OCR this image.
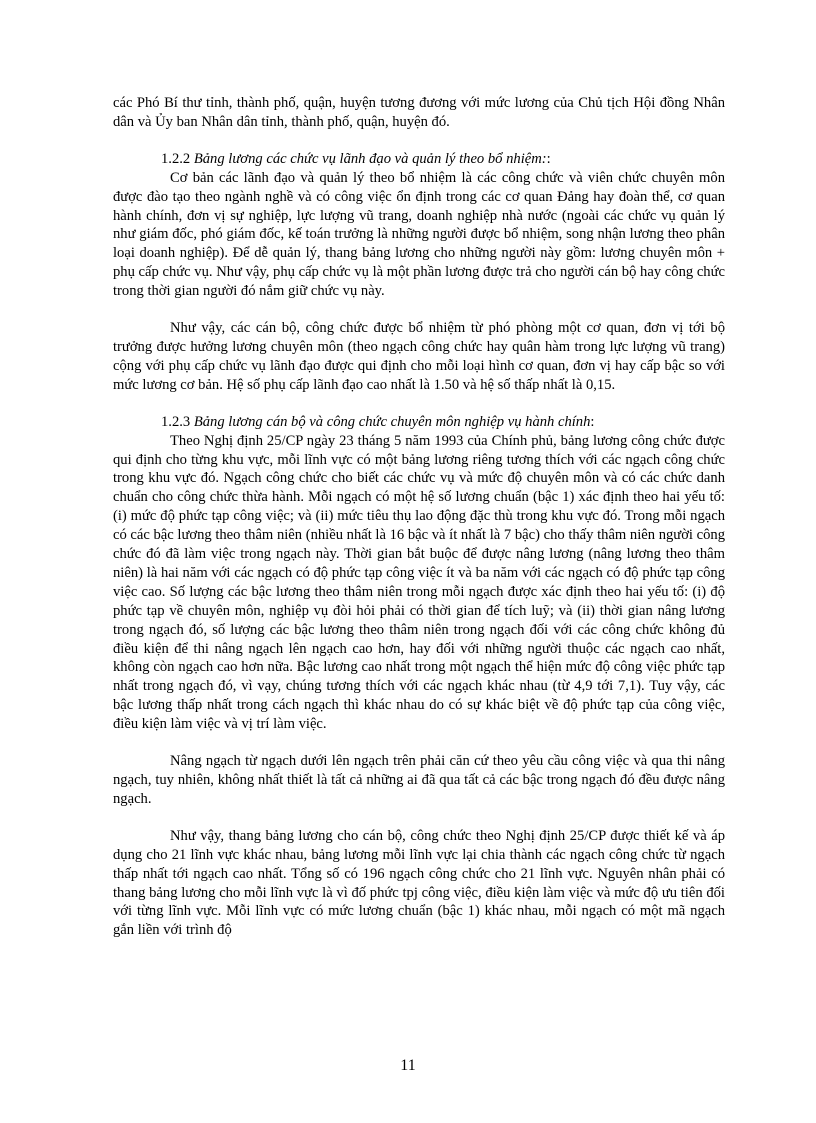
các Phó Bí thư tỉnh, thành phố, quận, huyện tương đương với mức lương của Chủ tịch Hội đồng Nhân dân và Ủy ban Nhân dân tỉnh, thành phố, quận, huyện đó.

1.2.2 Bảng lương các chức vụ lãnh đạo và quản lý theo bổ nhiệm::

Cơ bản các lãnh đạo và quản lý theo bổ nhiệm là các công chức và viên chức chuyên môn được đào tạo theo ngành nghề và có công việc ổn định trong các cơ quan Đảng hay đoàn thể, cơ quan hành chính, đơn vị sự nghiệp, lực lượng vũ trang, doanh nghiệp nhà nước (ngoài các chức vụ quản lý như giám đốc, phó giám đốc, kế toán trưởng là những người được bổ nhiệm, song nhận lương theo phân loại doanh nghiệp). Để dễ quản lý, thang bảng lương cho những người này gồm: lương chuyên môn + phụ cấp chức vụ. Như vậy, phụ cấp chức vụ là một phần lương được trả cho người cán bộ hay công chức trong thời gian người đó nắm giữ chức vụ này.

Như vậy, các cán bộ, công chức được bổ nhiệm từ phó phòng một cơ quan, đơn vị tới bộ trưởng được hưởng lương chuyên môn (theo ngạch công chức hay quân hàm trong lực lượng vũ trang) cộng với phụ cấp chức vụ lãnh đạo được qui định cho mỗi loại hình cơ quan, đơn vị hay cấp bậc so với mức lương cơ bản. Hệ số phụ cấp lãnh đạo cao nhất là 1.50 và hệ số thấp nhất là 0,15.

1.2.3 Bảng lương cán bộ và công chức chuyên môn nghiệp vụ hành chính:

Theo Nghị định 25/CP ngày 23 tháng 5 năm 1993 của Chính phủ, bảng lương công chức được qui định cho từng khu vực, mỗi lĩnh vực có một bảng lương riêng tương thích với các ngạch công chức trong khu vực đó. Ngạch công chức cho biết các chức vụ và mức độ chuyên môn và có các chức danh chuẩn cho công chức thừa hành. Mỗi ngạch có một hệ số lương chuẩn (bậc 1) xác định theo hai yếu tố: (i) mức độ phức tạp công việc; và (ii) mức tiêu thụ lao động đặc thù trong khu vực đó. Trong mỗi ngạch có các bậc lương theo thâm niên (nhiều nhất là 16 bậc và ít nhất là 7 bậc) cho thấy thâm niên người công chức đó đã làm việc trong ngạch này. Thời gian bắt buộc để được nâng lương (nâng lương theo thâm niên) là hai năm với các ngạch có độ phức tạp công việc ít và ba năm với các ngạch có độ phức tạp công việc cao. Số lượng các bậc lương theo thâm niên trong mỗi ngạch được xác định theo hai yếu tố: (i) độ phức tạp về chuyên môn, nghiệp vụ đòi hỏi phải có thời gian để tích luỹ; và (ii) thời gian nâng lương trong ngạch đó, số lượng các bậc lương theo thâm niên trong ngạch đối với các công chức không đủ điều kiện để thi nâng ngạch lên ngạch cao hơn, hay đối với những người thuộc các ngạch cao nhất, không còn ngạch cao hơn nữa. Bậc lương cao nhất trong một ngạch thể hiện mức độ công việc phức tạp nhất trong ngạch đó, vì vạy, chúng tương thích với các ngạch khác nhau (từ 4,9 tới 7,1). Tuy vậy, các bậc lương thấp nhất trong cách ngạch thì khác nhau do có sự khác biệt về độ phức tạp của công việc, điều kiện làm việc và vị trí làm việc.

Nâng ngạch từ ngạch dưới lên ngạch trên phải căn cứ theo yêu cầu công việc và qua thi nâng ngạch, tuy nhiên, không nhất thiết là tất cả những ai đã qua tất cả các bậc trong ngạch đó đều được nâng ngạch.

Như vậy, thang bảng lương cho cán bộ, công chức theo Nghị định 25/CP được thiết kế và áp dụng cho 21 lĩnh vực khác nhau, bảng lương mỗi lĩnh vực lại chia thành các ngạch công chức từ ngạch thấp nhất tới ngạch cao nhất. Tổng số có 196 ngạch công chức cho 21 lĩnh vực. Nguyên nhân phải có thang bảng lương cho mỗi lĩnh vực là vì đố phức tpj công việc, điều kiện làm việc và mức độ ưu tiên đối với từng lĩnh vực. Mỗi lĩnh vực có mức lương chuẩn (bậc 1) khác nhau, mỗi ngạch có một mã ngạch gắn liền với trình độ

11
